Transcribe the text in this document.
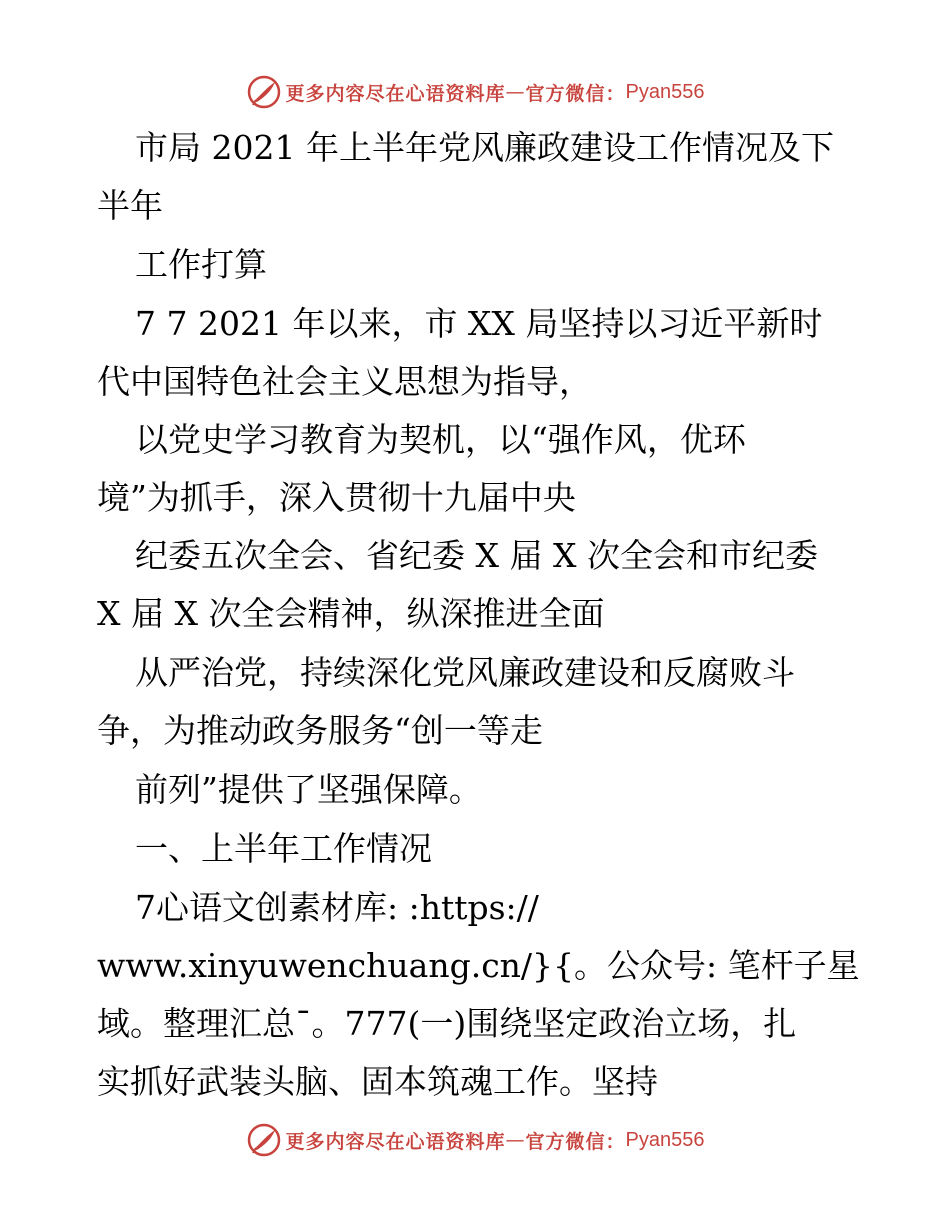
更多内容尽在心语资料库 — 官方微信： Pyan556
市局 2021 年上半年党风廉政建设工作情况及下
半年
工作打算
7 7 2021 年以来，市 XX 局坚持以习近平新时
代中国特色社会主义思想为指导，
以党史学习教育为契机，以“强作风，优环
境”为抓手，深入贯彻十九届中央
纪委五次全会、省纪委 X 届 X 次全会和市纪委
X 届 X 次全会精神，纵深推进全面
从严治党，持续深化党风廉政建设和反腐败斗
争，为推动政务服务“创一等走
前列”提供了坚强保障。
一、上半年工作情况
7心语文创素材库: :https://
www.xinyuwenchuang.cn/}{。公众号: 笔杆子星
域。整理汇总¯。777(一)围绕坚定政治立场，扎
实抓好武装头脑、固本筑魂工作。坚持
更多内容尽在心语资料库 — 官方微信： Pyan556
